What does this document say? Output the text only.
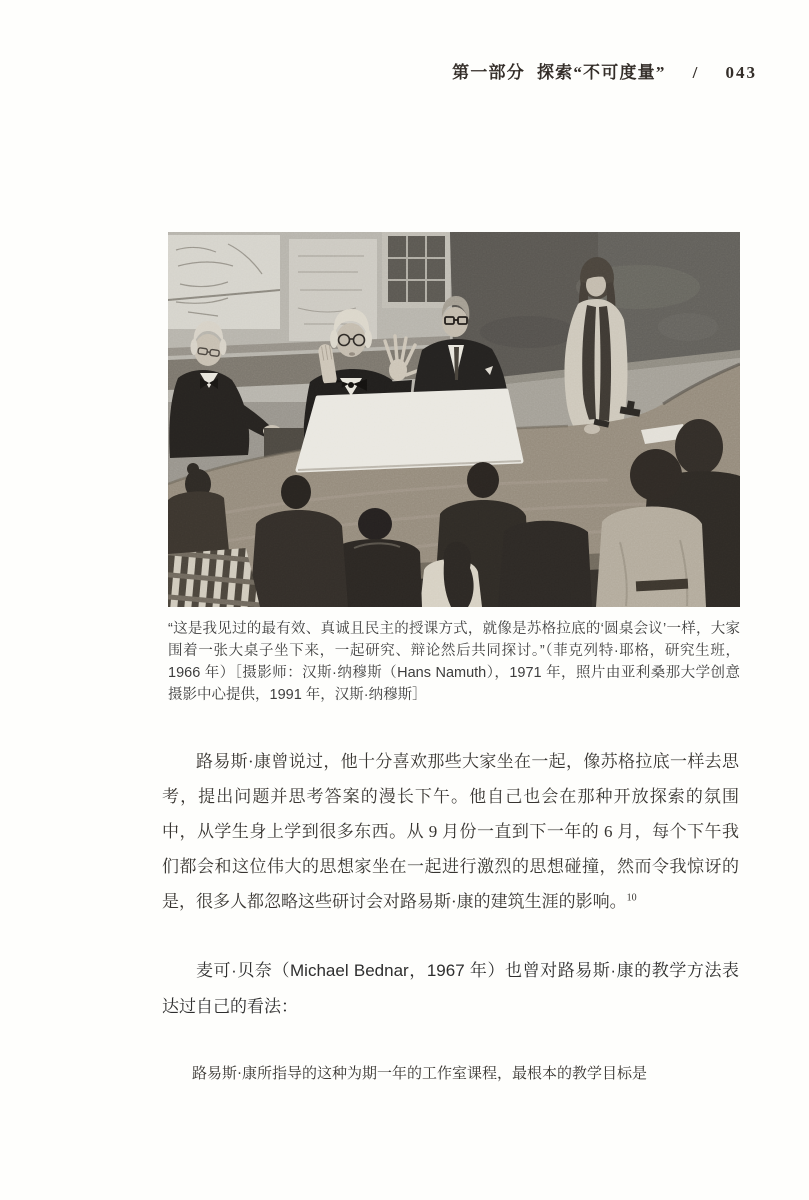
第一部分 探索“不可度量” / 043
“这是我见过的最有效、真诚且民主的授课方式，就像是苏格拉底的‘圆桌会议’一样，大家围着一张大桌子坐下来，一起研究、辩论然后共同探讨。”（菲克列特·耶格，研究生班，1966 年）［摄影师：汉斯·纳穆斯（Hans Namuth），1971 年，照片由亚利桑那大学创意摄影中心提供，1991 年，汉斯·纳穆斯］

路易斯·康曾说过，他十分喜欢那些大家坐在一起，像苏格拉底一样去思考，提出问题并思考答案的漫长下午。他自己也会在那种开放探索的氛围中，从学生身上学到很多东西。从 9 月份一直到下一年的 6 月，每个下午我们都会和这位伟大的思想家坐在一起进行激烈的思想碰撞，然而令我惊讶的是，很多人都忽略这些研讨会对路易斯·康的建筑生涯的影响。$^{10}$

麦可·贝奈（Michael Bednar，1967 年）也曾对路易斯·康的教学方法表达过自己的看法：

路易斯·康所指导的这种为期一年的工作室课程，最根本的教学目标是
